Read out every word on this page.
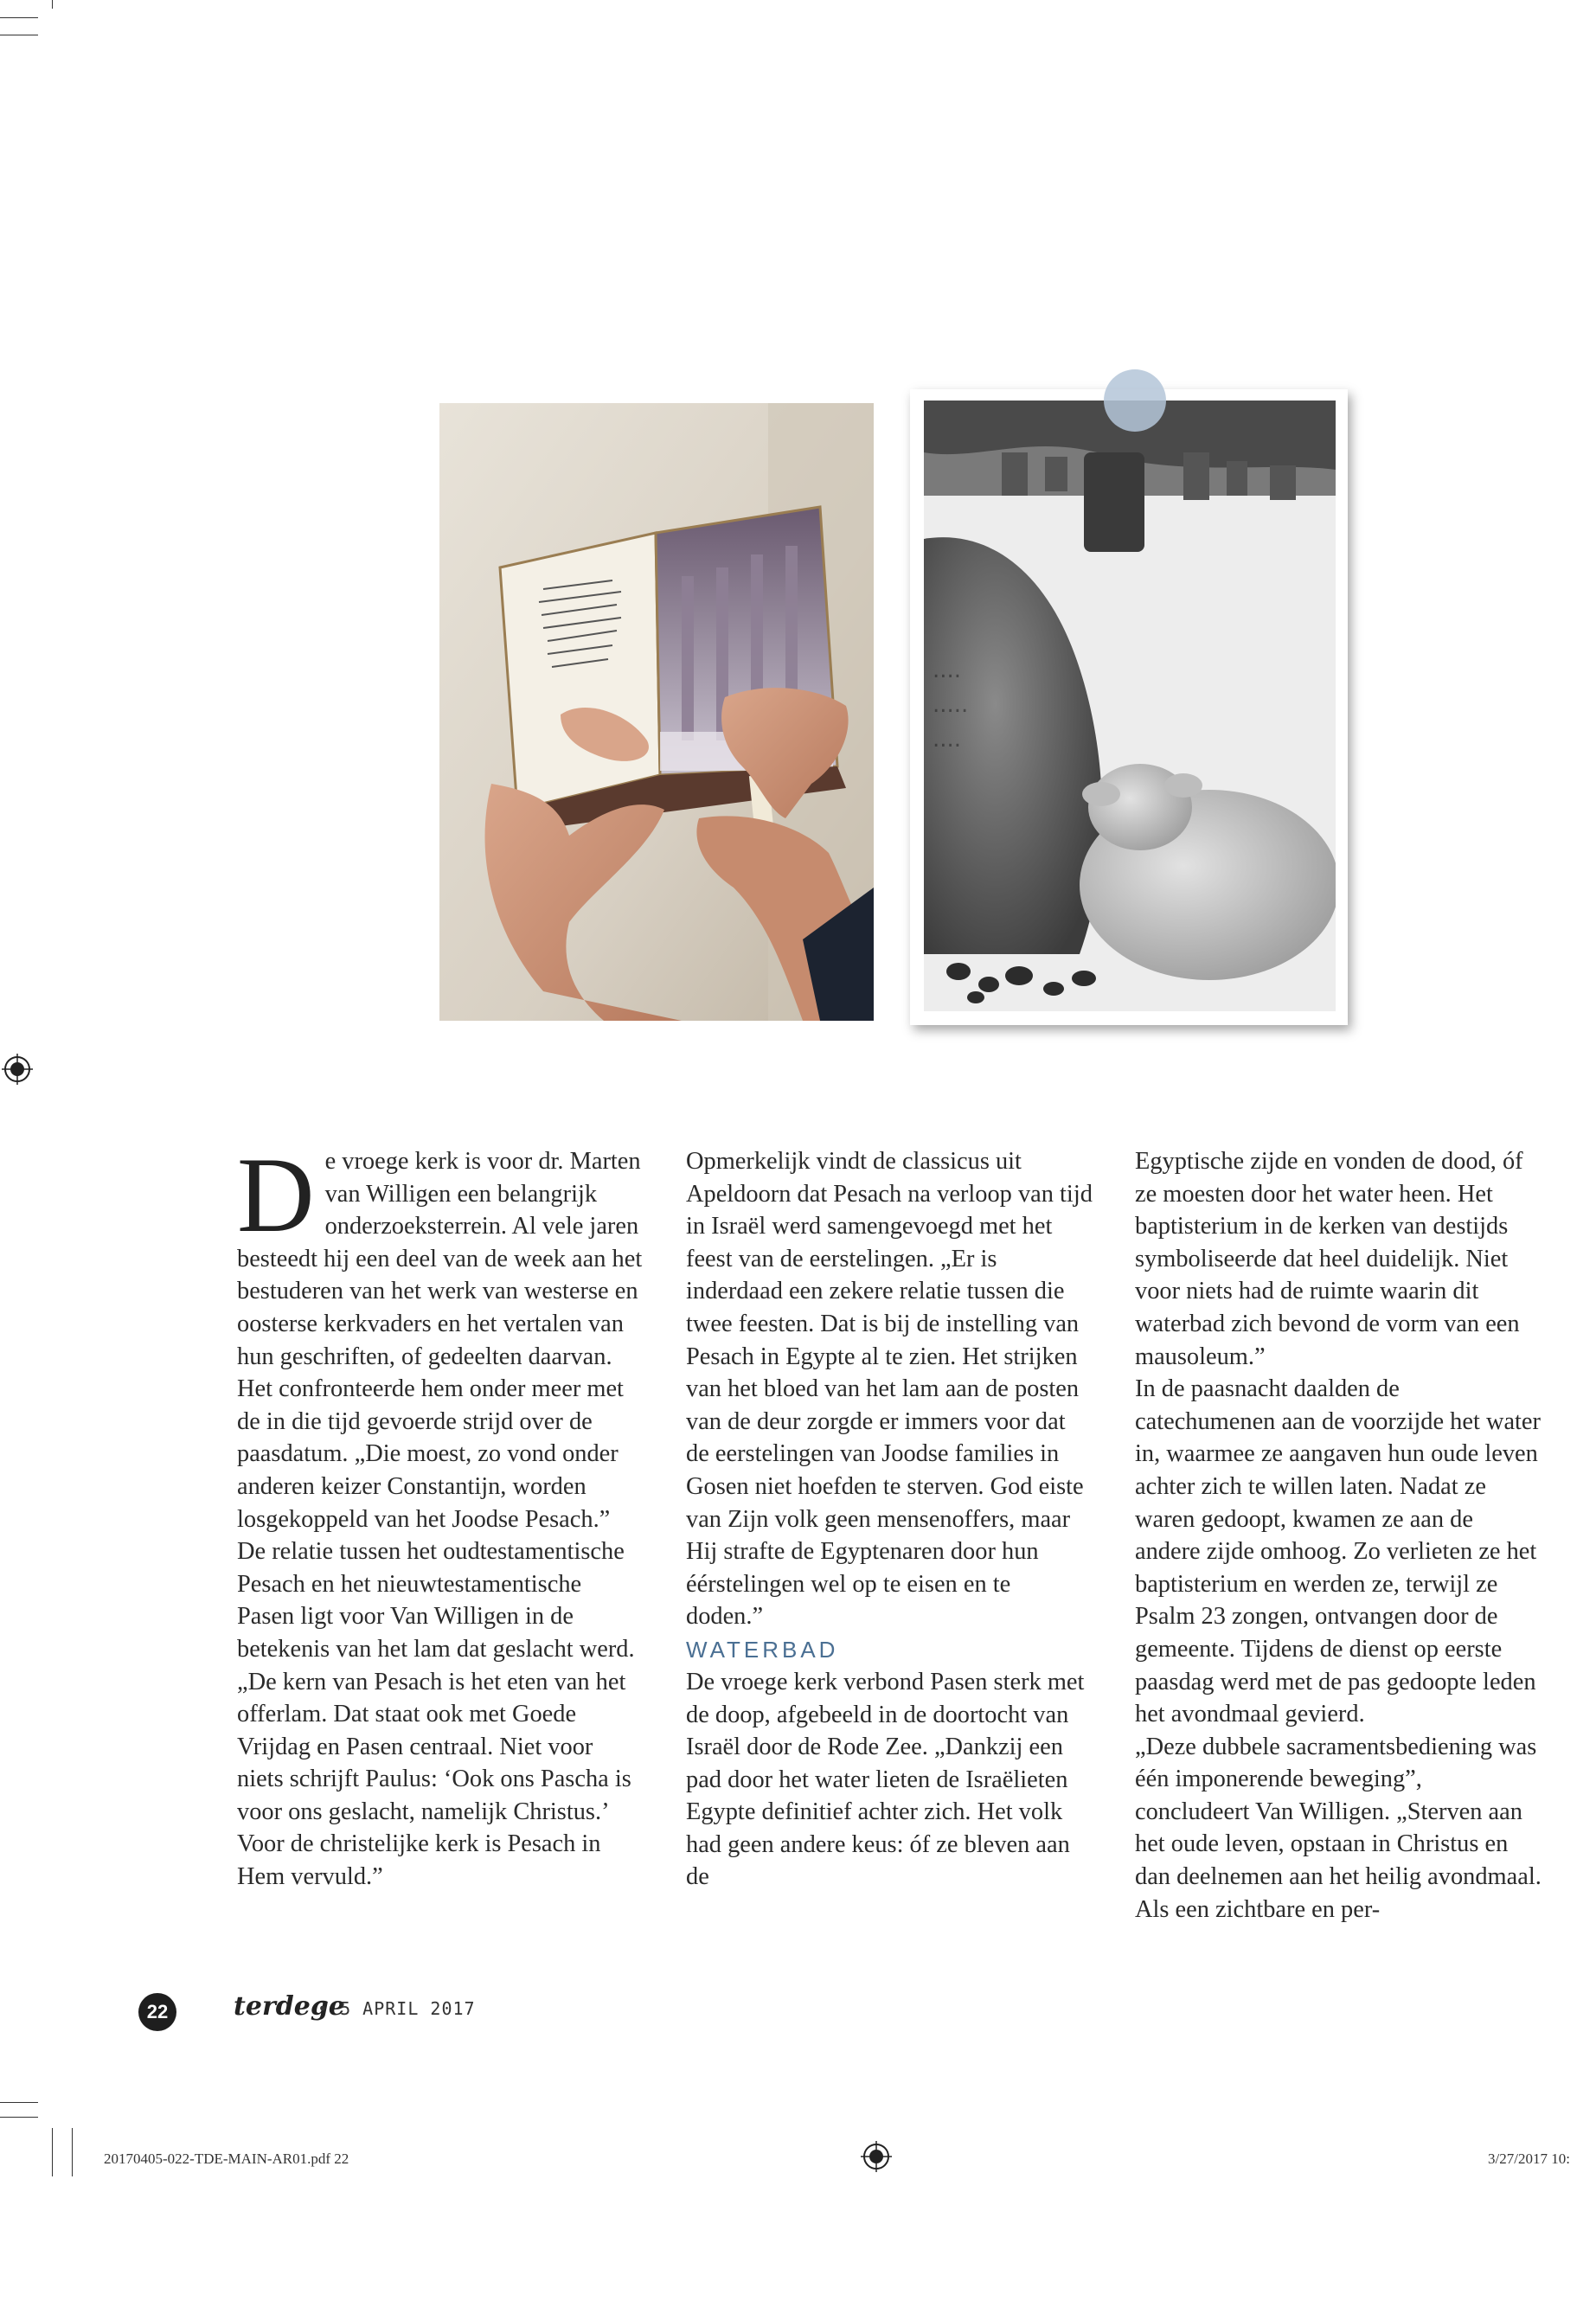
....
.....
....

De vroege kerk is voor dr. Marten van Willigen een belangrijk onderzoeksterrein. Al vele jaren besteedt hij een deel van de week aan het bestuderen van het werk van westerse en oosterse kerkvaders en het vertalen van hun geschriften, of gedeelten daarvan. Het confronteerde hem onder meer met de in die tijd gevoerde strijd over de paasdatum. „Die moest, zo vond onder anderen keizer Constantijn, worden losgekoppeld van het Joodse Pesach.”

De relatie tussen het oudtestamentische Pesach en het nieuwtestamentische Pasen ligt voor Van Willigen in de betekenis van het lam dat geslacht werd. „De kern van Pesach is het eten van het offerlam. Dat staat ook met Goede Vrijdag en Pasen centraal. Niet voor niets schrijft Paulus: ‘Ook ons Pascha is voor ons geslacht, namelijk Christus.’ Voor de christelijke kerk is Pesach in Hem vervuld.”

Opmerkelijk vindt de classicus uit Apeldoorn dat Pesach na verloop van tijd in Israël werd samengevoegd met het feest van de eerstelingen. „Er is inderdaad een zekere relatie tussen die twee feesten. Dat is bij de instelling van Pesach in Egypte al te zien. Het strijken van het bloed van het lam aan de posten van de deur zorgde er immers voor dat de eerstelingen van Joodse families in Gosen niet hoefden te sterven. God eiste van Zijn volk geen mensenoffers, maar Hij strafte de Egyptenaren door hun éérstelingen wel op te eisen en te doden.”

WATERBAD

De vroege kerk verbond Pasen sterk met de doop, afgebeeld in de doortocht van Israël door de Rode Zee. „Dankzij een pad door het water lieten de Israëlieten Egypte definitief achter zich. Het volk had geen andere keus: óf ze bleven aan de

Egyptische zijde en vonden de dood, óf ze moesten door het water heen. Het baptisterium in de kerken van destijds symboliseerde dat heel duidelijk. Niet voor niets had de ruimte waarin dit waterbad zich bevond de vorm van een mausoleum.”

In de paasnacht daalden de catechumenen aan de voorzijde het water in, waarmee ze aangaven hun oude leven achter zich te willen laten. Nadat ze waren gedoopt, kwamen ze aan de andere zijde omhoog. Zo verlieten ze het baptisterium en werden ze, terwijl ze Psalm 23 zongen, ontvangen door de gemeente. Tijdens de dienst op eerste paasdag werd met de pas gedoopte leden het avondmaal gevierd.

„Deze dubbele sacramentsbediening was één imponerende beweging”, concludeert Van Willigen. „Sterven aan het oude leven, opstaan in Christus en dan deelnemen aan het heilig avondmaal. Als een zichtbare en per-

22	terdege
• 5 APRIL 2017
20170405-022-TDE-MAIN-AR01.pdf 22	3/27/2017 10:
